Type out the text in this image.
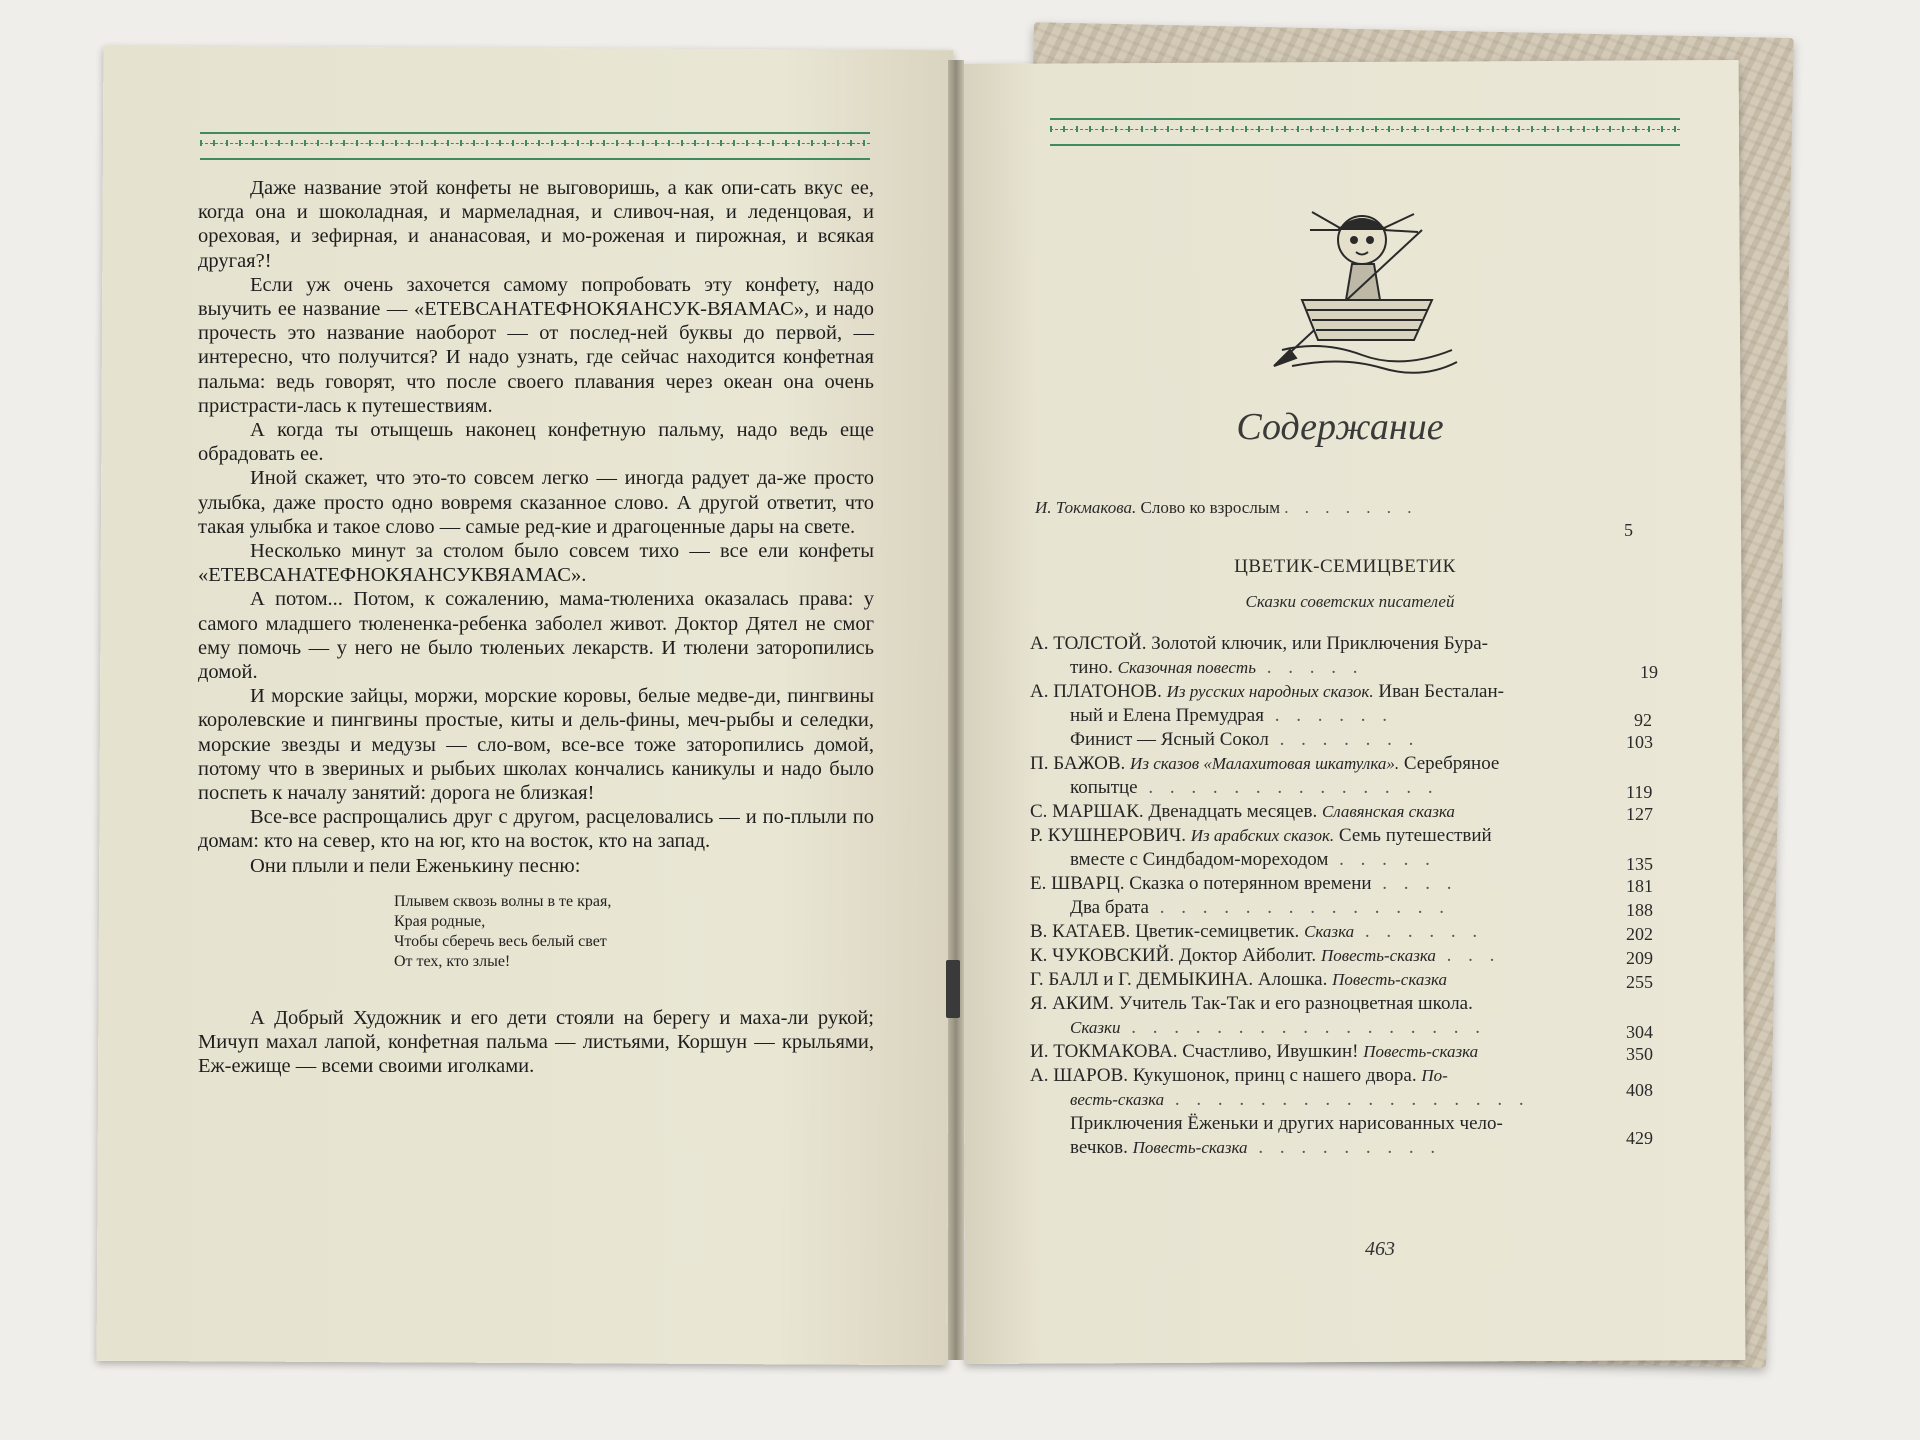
Даже название этой конфеты не выговоришь, а как опи-сать вкус ее, когда она и шоколадная, и мармеладная, и сливоч-ная, и леденцовая, и ореховая, и зефирная, и ананасовая, и мо-роженая и пирожная, и всякая другая?!

Если уж очень захочется самому попробовать эту конфету, надо выучить ее название — «ЕТЕВСАНАТЕФНОКЯАНСУК-ВЯАМАС», и надо прочесть это название наоборот — от послед-ней буквы до первой, — интересно, что получится? И надо узнать, где сейчас находится конфетная пальма: ведь говорят, что после своего плавания через океан она очень пристрасти-лась к путешествиям.

А когда ты отыщешь наконец конфетную пальму, надо ведь еще обрадовать ее.

Иной скажет, что это-то совсем легко — иногда радует да-же просто улыбка, даже просто одно вовремя сказанное слово. А другой ответит, что такая улыбка и такое слово — самые ред-кие и драгоценные дары на свете.

Несколько минут за столом было совсем тихо — все ели конфеты «ЕТЕВСАНАТЕФНОКЯАНСУКВЯАМАС».

А потом... Потом, к сожалению, мама-тюлениха оказалась права: у самого младшего тюлененка-ребенка заболел живот. Доктор Дятел не смог ему помочь — у него не было тюленьих лекарств. И тюлени заторопились домой.

И морские зайцы, моржи, морские коровы, белые медве-ди, пингвины королевские и пингвины простые, киты и дель-фины, меч-рыбы и селедки, морские звезды и медузы — сло-вом, все-все тоже заторопились домой, потому что в звериных и рыбьих школах кончались каникулы и надо было поспеть к началу занятий: дорога не близкая!

Все-все распрощались друг с другом, расцеловались — и по-плыли по домам: кто на север, кто на юг, кто на восток, кто на запад.

Они плыли и пели Еженькину песню:

Плывем сквозь волны в те края,
Края родные,
Чтобы сберечь весь белый свет
От тех, кто злые!

А Добрый Художник и его дети стояли на берегу и маха-ли рукой; Мичуп махал лапой, конфетная пальма — листьями, Коршун — крыльями, Еж-ежище — всеми своими иголками.

Содержание
И. Токмакова. Слово ко взрослым . . . . . . .
5
ЦВЕТИК-СЕМИЦВЕТИК
Сказки советских писателей
А. ТОЛСТОЙ. Золотой ключик, или Приключения Бура-
тино. Сказочная повесть . . . . .	19
А. ПЛАТОНОВ. Из русских народных сказок. Иван Бесталан-
ный и Елена Премудрая . . . . . .	92
Финист — Ясный Сокол . . . . . . .	103
П. БАЖОВ. Из сказов «Малахитовая шкатулка». Серебряное
копытце . . . . . . . . . . . . . .	119
С. МАРШАК. Двенадцать месяцев. Славянская сказка	127
Р. КУШНЕРОВИЧ. Из арабских сказок. Семь путешествий
вместе с Синдбадом-мореходом . . . . .	135
Е. ШВАРЦ. Сказка о потерянном времени . . . .	181
Два брата . . . . . . . . . . . . . .	188
В. КАТАЕВ. Цветик-семицветик. Сказка . . . . . .	202
К. ЧУКОВСКИЙ. Доктор Айболит. Повесть-сказка . . .	209
Г. БАЛЛ и Г. ДЕМЫКИНА. Алошка. Повесть-сказка	255
Я. АКИМ. Учитель Так-Так и его разноцветная школа.
Сказки . . . . . . . . . . . . . . . . .	304
И. ТОКМАКОВА. Счастливо, Ивушкин! Повесть-сказка	350
А. ШАРОВ. Кукушонок, принц с нашего двора. По-
весть-сказка . . . . . . . . . . . . . . . . .	408
Приключения Ёженьки и других нарисованных чело-
вечков. Повесть-сказка . . . . . . . . .	429
463
